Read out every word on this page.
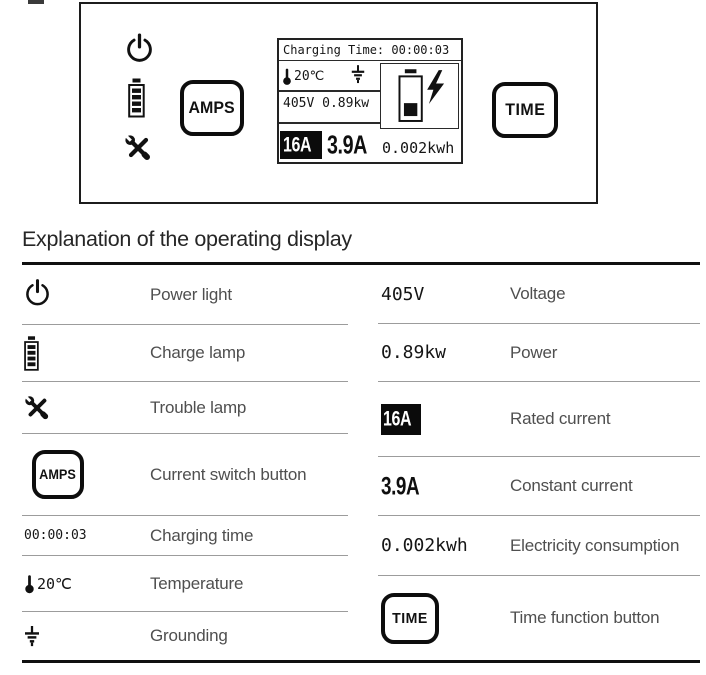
AMPS
Charging Time: 00:00:03
20℃
405V 0.89kw
16A 3.9A	0.002kwh
TIME
Explanation of the operating display
Power light
Charge lamp
Trouble lamp
AMPS	Current switch button
00:00:03	Charging time
20℃	Temperature
Grounding
405V	Voltage
0.89kw	Power
16A	Rated current
3.9A	Constant current
0.002kwh Electricity consumption
TIME	Time function button
